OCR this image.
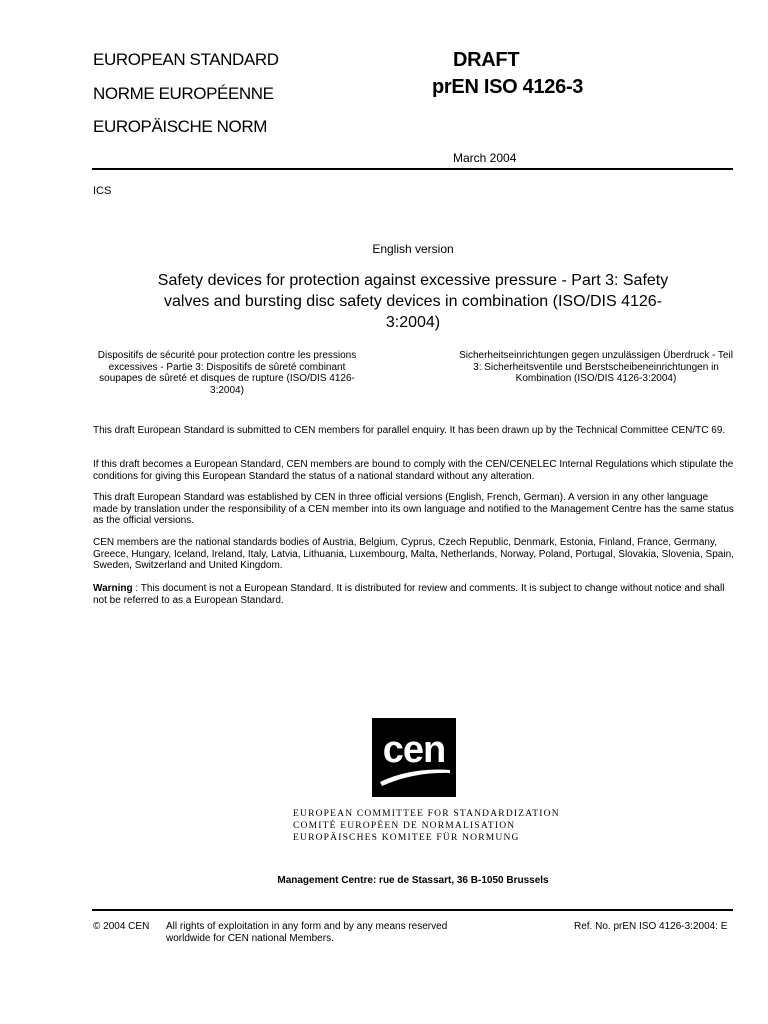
EUROPEAN STANDARD
NORME EUROPÉENNE
EUROPÄISCHE NORM
DRAFT
prEN ISO 4126-3
March 2004
ICS
English version
Safety devices for protection against excessive pressure - Part 3: Safety valves and bursting disc safety devices in combination (ISO/DIS 4126-3:2004)
Dispositifs de sécurité pour protection contre les pressions excessives - Partie 3: Dispositifs de sûreté combinant soupapes de sûreté et disques de rupture (ISO/DIS 4126-3:2004)
Sicherheitseinrichtungen gegen unzulässigen Überdruck - Teil 3: Sicherheitsventile und Berstscheibeneinrichtungen in Kombination (ISO/DIS 4126-3:2004)
This draft European Standard is submitted to CEN members for parallel enquiry. It has been drawn up by the Technical Committee CEN/TC 69.
If this draft becomes a European Standard, CEN members are bound to comply with the CEN/CENELEC Internal Regulations which stipulate the conditions for giving this European Standard the status of a national standard without any alteration.
This draft European Standard was established by CEN in three official versions (English, French, German). A version in any other language made by translation under the responsibility of a CEN member into its own language and notified to the Management Centre has the same status as the official versions.
CEN members are the national standards bodies of Austria, Belgium, Cyprus, Czech Republic, Denmark, Estonia, Finland, France, Germany, Greece, Hungary, Iceland, Ireland, Italy, Latvia, Lithuania, Luxembourg, Malta, Netherlands, Norway, Poland, Portugal, Slovakia, Slovenia, Spain, Sweden, Switzerland and United Kingdom.
Warning : This document is not a European Standard. It is distributed for review and comments. It is subject to change without notice and shall not be referred to as a European Standard.
cen
EUROPEAN COMMITTEE FOR STANDARDIZATION
COMITÉ EUROPÉEN DE NORMALISATION
EUROPÄISCHES KOMITEE FÜR NORMUNG
Management Centre: rue de Stassart, 36 B-1050 Brussels
© 2004 CEN All rights of exploitation in any form and by any means reserved worldwide for CEN national Members.
Ref. No. prEN ISO 4126-3:2004: E
